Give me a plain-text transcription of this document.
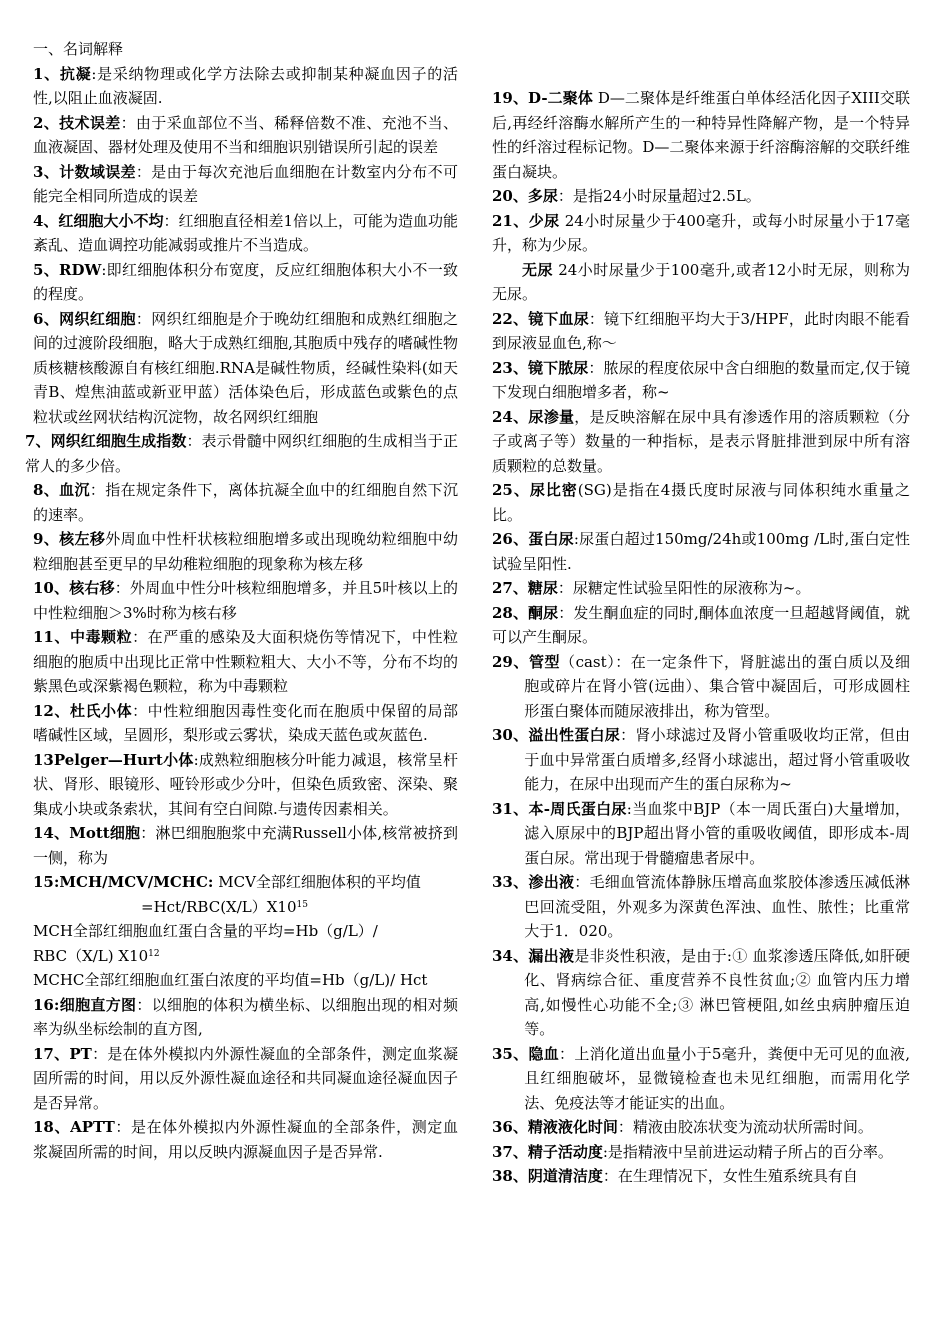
一、名词解释

1、抗凝:是采纳物理或化学方法除去或抑制某种凝血因子的活性,以阻止血液凝固.

2、技术误差：由于采血部位不当、稀释倍数不准、充池不当、血液凝固、器材处理及使用不当和细胞识别错误所引起的误差

3、计数域误差：是由于每次充池后血细胞在计数室内分布不可能完全相同所造成的误差

4、红细胞大小不均：红细胞直径相差1倍以上，可能为造血功能紊乱、造血调控功能减弱或推片不当造成。

5、RDW:即红细胞体积分布宽度，反应红细胞体积大小不一致的程度。

6、网织红细胞：网织红细胞是介于晚幼红细胞和成熟红细胞之间的过渡阶段细胞，略大于成熟红细胞,其胞质中残存的嗜碱性物质核糖核酸源自有核红细胞.RNA是碱性物质，经碱性染料(如天青B、煌焦油蓝或新亚甲蓝）活体染色后，形成蓝色或紫色的点粒状或丝网状结构沉淀物，故名网织红细胞

7、网织红细胞生成指数：表示骨髓中网织红细胞的生成相当于正常人的多少倍。

8、血沉：指在规定条件下，离体抗凝全血中的红细胞自然下沉的速率。

9、核左移外周血中性杆状核粒细胞增多或出现晚幼粒细胞中幼粒细胞甚至更早的早幼稚粒细胞的现象称为核左移

10、核右移：外周血中性分叶核粒细胞增多，并且5叶核以上的中性粒细胞＞3%时称为核右移

11、中毒颗粒：在严重的感染及大面积烧伤等情况下，中性粒细胞的胞质中出现比正常中性颗粒粗大、大小不等，分布不均的紫黑色或深紫褐色颗粒，称为中毒颗粒

12、杜氏小体：中性粒细胞因毒性变化而在胞质中保留的局部嗜碱性区域，呈圆形，梨形或云雾状，染成天蓝色或灰蓝色.

13Pelger—Hurt小体:成熟粒细胞核分叶能力减退，核常呈杆状、肾形、眼镜形、哑铃形或少分叶，但染色质致密、深染、聚集成小块或条索状，其间有空白间隙.与遗传因素相关。

14、Mott细胞：淋巴细胞胞浆中充满Russell小体,核常被挤到一侧，称为

15:MCH/MCV/MCHC: MCV全部红细胞体积的平均值

$=Hct/RBC(X/L)X10^{15}$

MCH全部红细胞血红蛋白含量的平均=Hb（g/L）/

RBC（X/L) $X10^{12}$

MCHC全部红细胞血红蛋白浓度的平均值=Hb（g/L)/ Hct

16:细胞直方图：以细胞的体积为横坐标、以细胞出现的相对频率为纵坐标绘制的直方图,

17、PT：是在体外模拟内外源性凝血的全部条件，测定血浆凝固所需的时间，用以反外源性凝血途径和共同凝血途径凝血因子是否异常。

18、APTT：是在体外模拟内外源性凝血的全部条件，测定血浆凝固所需的时间，用以反映内源凝血因子是否异常.

19、D-二聚体 D—二聚体是纤维蛋白单体经活化因子XIII交联后,再经纤溶酶水解所产生的一种特异性降解产物，是一个特异性的纤溶过程标记物。D—二聚体来源于纤溶酶溶解的交联纤维蛋白凝块。

20、多尿：是指24小时尿量超过2.5L。

21、少尿 24小时尿量少于400毫升，或每小时尿量小于17毫升，称为少尿。

无尿 24小时尿量少于100毫升,或者12小时无尿，则称为无尿。

22、镜下血尿：镜下红细胞平均大于3/HPF，此时肉眼不能看到尿液显血色,称～

23、镜下脓尿：脓尿的程度依尿中含白细胞的数量而定,仅于镜下发现白细胞增多者，称~

24、尿渗量，是反映溶解在尿中具有渗透作用的溶质颗粒（分子或离子等）数量的一种指标，是表示肾脏排泄到尿中所有溶质颗粒的总数量。

25、尿比密(SG)是指在4摄氏度时尿液与同体积纯水重量之比。

26、蛋白尿:尿蛋白超过150mg/24h或100mg /L时,蛋白定性试验呈阳性.

27、糖尿：尿糖定性试验呈阳性的尿液称为~。

28、酮尿：发生酮血症的同时,酮体血浓度一旦超越肾阈值，就可以产生酮尿。

29、管型（cast）：在一定条件下，肾脏滤出的蛋白质以及细胞或碎片在肾小管(远曲）、集合管中凝固后，可形成圆柱形蛋白聚体而随尿液排出，称为管型。

30、溢出性蛋白尿：肾小球滤过及肾小管重吸收均正常，但由于血中异常蛋白质增多,经肾小球滤出，超过肾小管重吸收能力，在尿中出现而产生的蛋白尿称为~

31、本-周氏蛋白尿:当血浆中BJP（本一周氏蛋白)大量增加，滤入原尿中的BJP超出肾小管的重吸收阈值，即形成本-周蛋白尿。常出现于骨髓瘤患者尿中。

33、渗出液：毛细血管流体静脉压增高血浆胶体渗透压减低淋巴回流受阻，外观多为深黄色浑浊、血性、脓性；比重常大于1．020。

34、漏出液是非炎性积液，是由于:① 血浆渗透压降低,如肝硬化、肾病综合征、重度营养不良性贫血;② 血管内压力增高,如慢性心功能不全;③ 淋巴管梗阻,如丝虫病肿瘤压迫等。

35、隐血：上消化道出血量小于5毫升，粪便中无可见的血液,且红细胞破坏，显微镜检查也未见红细胞，而需用化学法、免疫法等才能证实的出血。

36、精液液化时间：精液由胶冻状变为流动状所需时间。

37、精子活动度:是指精液中呈前进运动精子所占的百分率。

38、阴道清洁度：在生理情况下，女性生殖系统具有自
